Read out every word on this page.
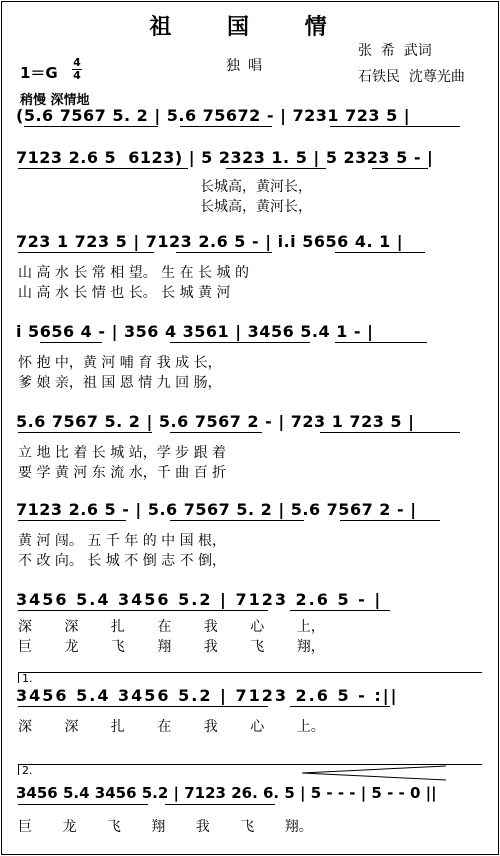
祖 国 情
独唱
张  希  武词
石铁民  沈尊光曲
1＝G
4
4
稍慢 深情地
(5.6 7567 5. 2 | 5.6 75672 - | 7231 723 5 |
7123 2.6 5  6123) | 5 2323 1. 5 | 5 2323 5 - |
长城高，黄河长，
长城高，黄河长，
723 1 723 5 | 7123 2.6 5 - | i.i 5656 4. 1 |
山 高 水 长 常 相 望。 生 在 长 城 的
山 高 水 长 情 也 长。 长 城 黄 河
i 5656 4 - | 356 4 3561 | 3456 5.4 1 - |
怀 抱 中，黄 河 哺 育 我 成 长，
爹 娘 亲，祖 国 恩 情 九 回 肠，
5.6 7567 5. 2 | 5.6 7567 2 - | 723 1 723 5 |
立 地 比 着 长 城 站，学 步 跟 着
要 学 黄 河 东 流 水，千 曲 百 折
7123 2.6 5 - | 5.6 7567 5. 2 | 5.6 7567 2 - |
黄 河 闯。 五 千 年 的 中 国 根，
不 改 向。 长 城 不 倒 志 不 倒，
3456 5.4 3456 5.2 | 7123 2.6 5 - |
深 深 扎 在 我 心 上，
巨 龙 飞 翔 我 飞 翔，
1.
3456 5.4 3456 5.2 | 7123 2.6 5 - :||
深 深 扎 在 我 心 上。
2.
3456 5.4 3456 5.2 | 7123 26. 6. 5 | 5 - - - | 5 - - 0 ||
巨 龙 飞 翔 我 飞 翔。
